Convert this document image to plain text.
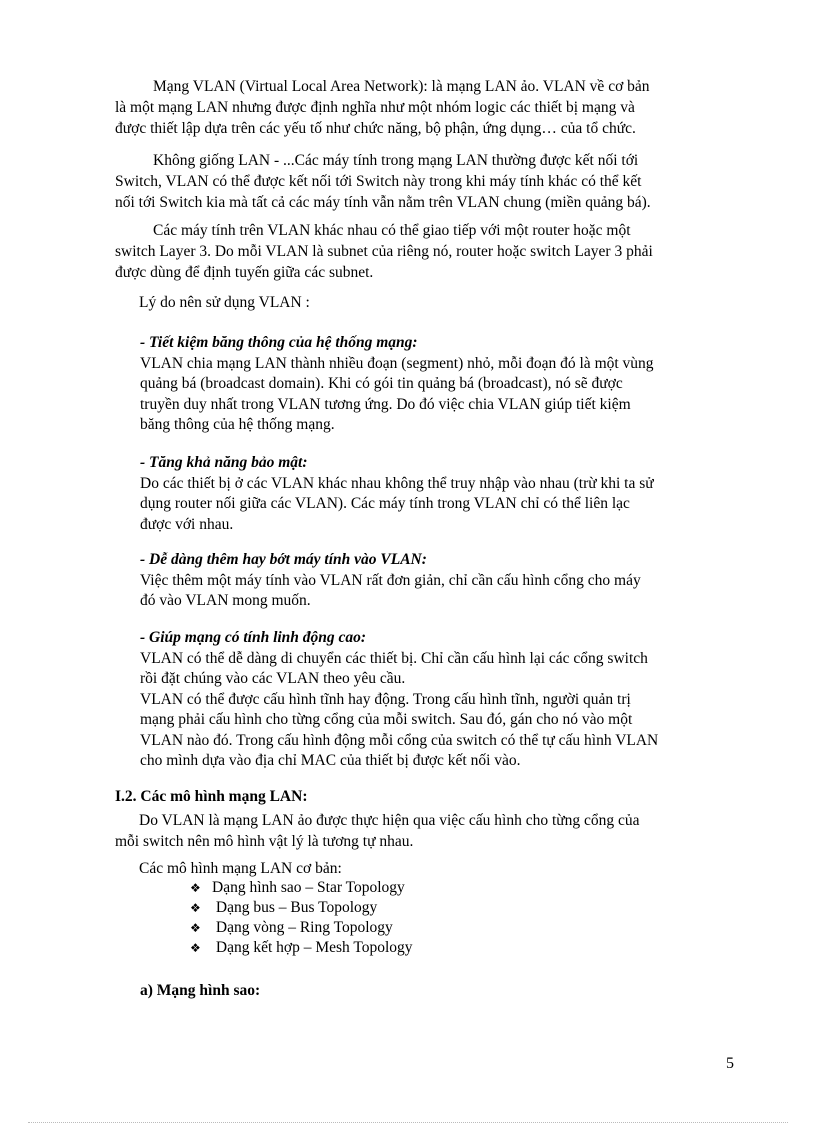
Mạng VLAN (Virtual Local Area Network): là mạng LAN ảo. VLAN về cơ bản
là một mạng LAN nhưng được định nghĩa như một nhóm logic các thiết bị mạng và
được thiết lập dựa trên các yếu tố như chức năng, bộ phận, ứng dụng… của tổ chức.

Không giống LAN - ...Các máy tính trong mạng LAN thường được kết nối tới
Switch, VLAN có thể được kết nối tới Switch này trong khi máy tính khác có thể kết
nối tới Switch kia mà tất cả các máy tính vẫn nằm trên VLAN chung (miền quảng bá).

Các máy tính trên VLAN khác nhau có thể giao tiếp với một router hoặc một
switch Layer 3. Do mỗi VLAN là subnet của riêng nó, router hoặc switch Layer 3 phải
được dùng để định tuyến giữa các subnet.

Lý do nên sử dụng VLAN :

- Tiết kiệm băng thông của hệ thống mạng:
VLAN chia mạng LAN thành nhiều đoạn (segment) nhỏ, mỗi đoạn đó là một vùng
quảng bá (broadcast domain). Khi có gói tin quảng bá (broadcast), nó sẽ được
truyền duy nhất trong VLAN tương ứng. Do đó việc chia VLAN giúp tiết kiệm
băng thông của hệ thống mạng.
- Tăng khả năng bảo mật:
Do các thiết bị ở các VLAN khác nhau không thể truy nhập vào nhau (trừ khi ta sử
dụng router nối giữa các VLAN). Các máy tính trong VLAN chỉ có thể liên lạc
được với nhau.
- Dễ dàng thêm hay bớt máy tính vào VLAN:
Việc thêm một máy tính vào VLAN rất đơn giản, chỉ cần cấu hình cổng cho máy
đó vào VLAN mong muốn.
- Giúp mạng có tính linh động cao:
VLAN có thể dễ dàng di chuyển các thiết bị. Chỉ cần cấu hình lại các cổng switch
rồi đặt chúng vào các VLAN theo yêu cầu.
VLAN có thể được cấu hình tĩnh hay động. Trong cấu hình tĩnh, người quản trị
mạng phải cấu hình cho từng cổng của mỗi switch. Sau đó, gán cho nó vào một
VLAN nào đó. Trong cấu hình động mỗi cổng của switch có thể tự cấu hình VLAN
cho mình dựa vào địa chỉ MAC của thiết bị được kết nối vào.
I.2. Các mô hình mạng LAN:

Do VLAN là mạng LAN ảo được thực hiện qua việc cấu hình cho từng cổng của
mỗi switch nên mô hình vật lý là tương tự nhau.

Các mô hình mạng LAN cơ bản:

❖ Dạng hình sao – Star Topology
❖ Dạng bus – Bus Topology
❖ Dạng vòng – Ring Topology
❖ Dạng kết hợp – Mesh Topology
a) Mạng hình sao:
5
